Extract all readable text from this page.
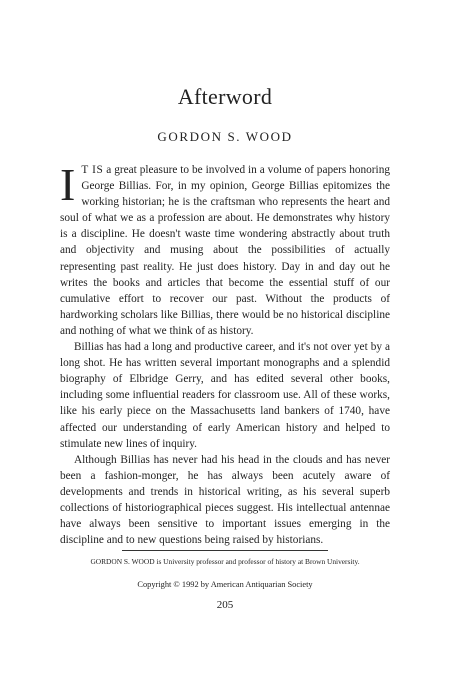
Afterword
GORDON S. WOOD

I T IS a great pleasure to be involved in a volume of papers honoring George Billias. For, in my opinion, George Billias epitomizes the working historian; he is the craftsman who represents the heart and soul of what we as a profession are about. He demonstrates why history is a discipline. He doesn't waste time wondering abstractly about truth and objectivity and musing about the possibilities of actually representing past reality. He just does history. Day in and day out he writes the books and articles that become the essential stuff of our cumulative effort to recover our past. Without the products of hardworking scholars like Billias, there would be no historical discipline and nothing of what we think of as history.

Billias has had a long and productive career, and it's not over yet by a long shot. He has written several important monographs and a splendid biography of Elbridge Gerry, and has edited several other books, including some influential readers for classroom use. All of these works, like his early piece on the Massachusetts land bankers of 1740, have affected our understanding of early American history and helped to stimulate new lines of inquiry.

Although Billias has never had his head in the clouds and has never been a fashion-monger, he has always been acutely aware of developments and trends in historical writing, as his several superb collections of historiographical pieces suggest. His intellectual antennae have always been sensitive to important issues emerging in the discipline and to new questions being raised by historians.

GORDON S. WOOD is University professor and professor of history at Brown University.
Copyright © 1992 by American Antiquarian Society
205
